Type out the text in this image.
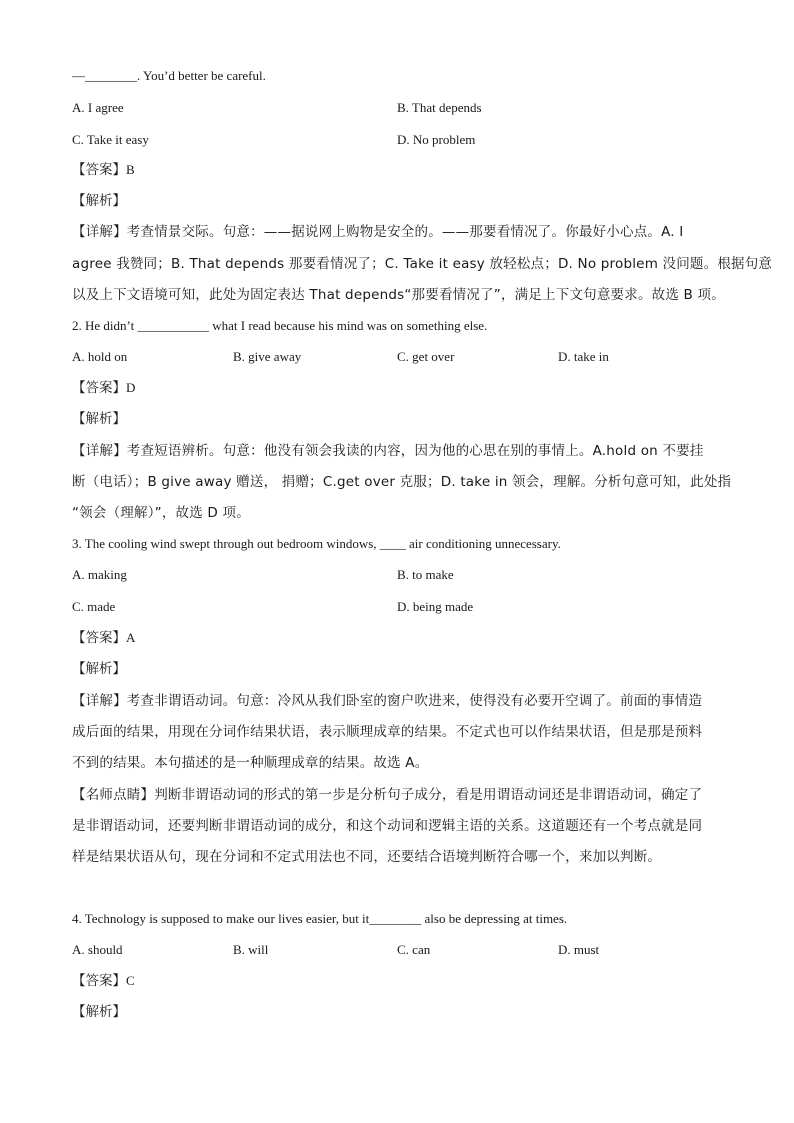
—________. You’d better be careful.
A. I agree	B. That depends
C. Take it easy	D. No problem
【答案】B
【解析】
【详解】考查情景交际。句意：——据说网上购物是安全的。——那要看情况了。你最好小心点。A. I
agree 我赞同；B. That depends 那要看情况了；C. Take it easy 放轻松点；D. No problem 没问题。根据句意
以及上下文语境可知，此处为固定表达 That depends“那要看情况了”，满足上下文句意要求。故选 B 项。
2. He didn’t ___________ what I read because his mind was on something else.
A. hold on	B. give away	C. get over	D. take in
【答案】D
【解析】
【详解】考查短语辨析。句意：他没有领会我读的内容，因为他的心思在别的事情上。A.hold on 不要挂
断（电话）；B give away 赠送， 捐赠；C.get over 克服；D. take in 领会，理解。分析句意可知，此处指
“领会（理解）”，故选 D 项。
3. The cooling wind swept through out bedroom windows, ____ air conditioning unnecessary.
A. making	B. to make
C. made	D. being made
【答案】A
【解析】
【详解】考查非谓语动词。句意：冷风从我们卧室的窗户吹进来，使得没有必要开空调了。前面的事情造
成后面的结果，用现在分词作结果状语，表示顺理成章的结果。不定式也可以作结果状语，但是那是预料
不到的结果。本句描述的是一种顺理成章的结果。故选 A。
【名师点睛】判断非谓语动词的形式的第一步是分析句子成分，看是用谓语动词还是非谓语动词，确定了
是非谓语动词，还要判断非谓语动词的成分，和这个动词和逻辑主语的关系。这道题还有一个考点就是同
样是结果状语从句，现在分词和不定式用法也不同，还要结合语境判断符合哪一个，来加以判断。
4. Technology is supposed to make our lives easier, but it________ also be depressing at times.
A. should	B. will	C. can	D. must
【答案】C
【解析】
